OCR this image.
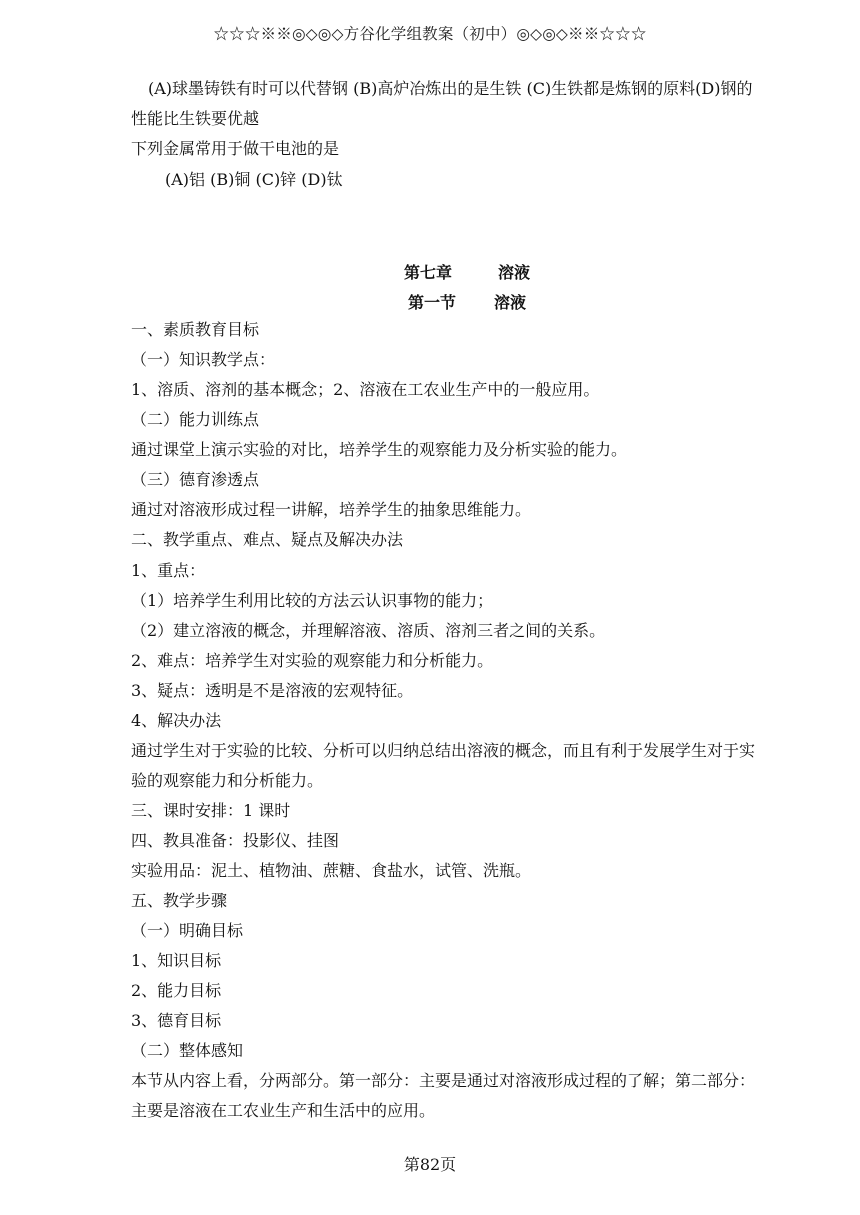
☆☆☆※※◎◇◎◇方谷化学组教案（初中）◎◇◎◇※※☆☆☆
(A)球墨铸铁有时可以代替钢 (B)高炉冶炼出的是生铁 (C)生铁都是炼钢的原料(D)钢的
性能比生铁要优越
下列金属常用于做干电池的是
(A)铝 (B)铜 (C)锌 (D)钛
第七章	溶液
第一节 溶液
一、素质教育目标
（一）知识教学点：
1、溶质、溶剂的基本概念；2、溶液在工农业生产中的一般应用。
（二）能力训练点
通过课堂上演示实验的对比，培养学生的观察能力及分析实验的能力。
（三）德育渗透点
通过对溶液形成过程一讲解，培养学生的抽象思维能力。
二、教学重点、难点、疑点及解决办法
1、重点：
（1）培养学生利用比较的方法云认识事物的能力；
（2）建立溶液的概念，并理解溶液、溶质、溶剂三者之间的关系。
2、难点：培养学生对实验的观察能力和分析能力。
3、疑点：透明是不是溶液的宏观特征。
4、解决办法
通过学生对于实验的比较、分析可以归纳总结出溶液的概念，而且有利于发展学生对于实
验的观察能力和分析能力。
三、课时安排：1 课时
四、教具准备：投影仪、挂图
实验用品：泥土、植物油、蔗糖、食盐水，试管、洗瓶。
五、教学步骤
（一）明确目标
1、知识目标
2、能力目标
3、德育目标
（二）整体感知
本节从内容上看，分两部分。第一部分：主要是通过对溶液形成过程的了解；第二部分：
主要是溶液在工农业生产和生活中的应用。
第82页
